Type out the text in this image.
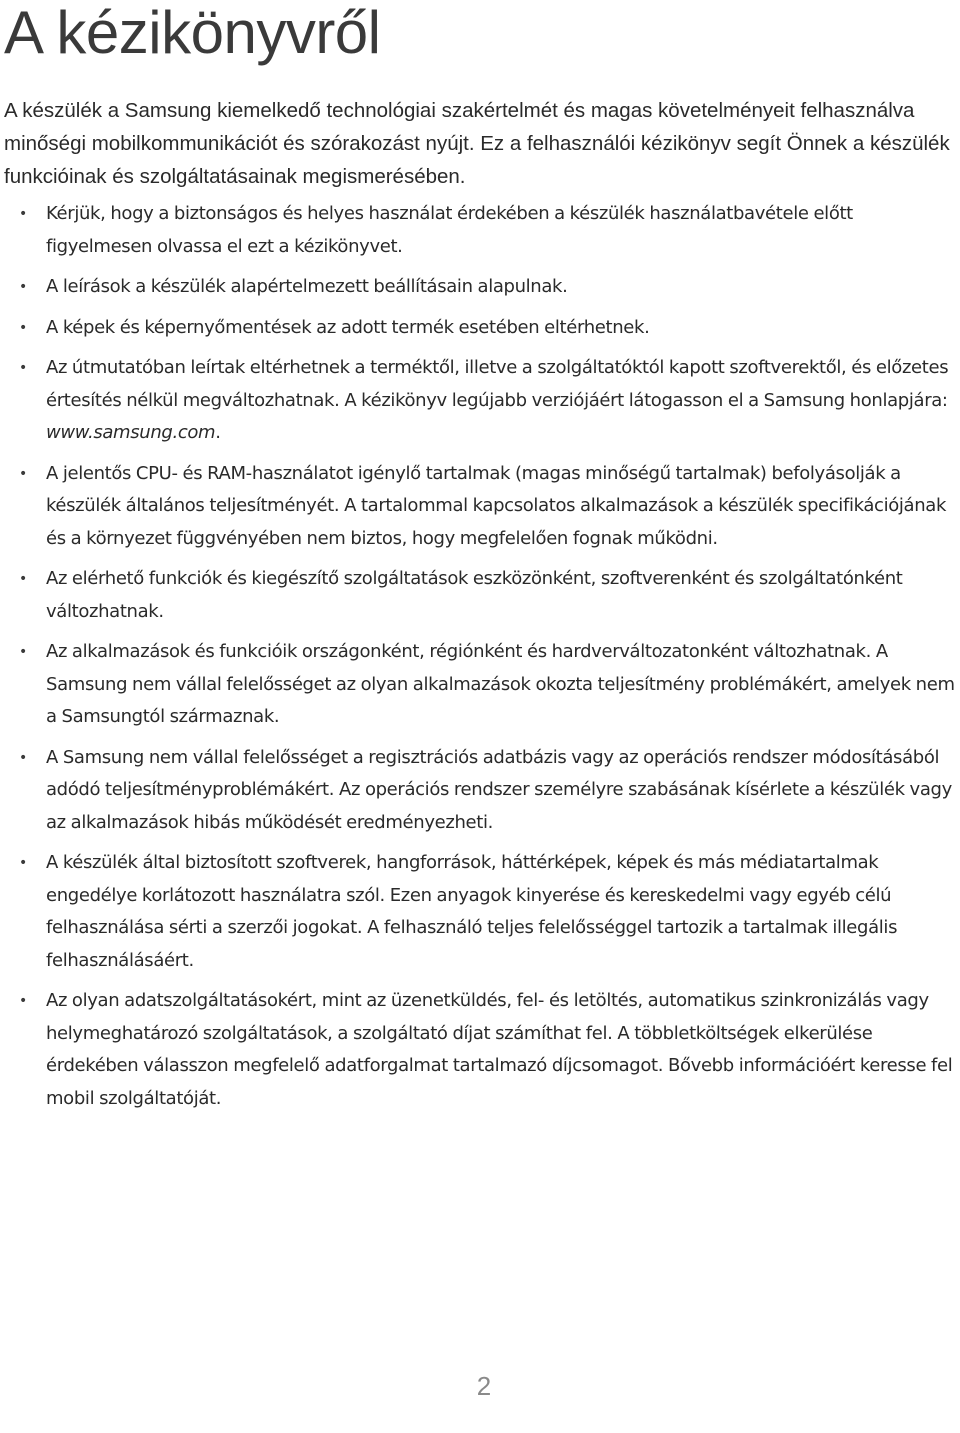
A kézikönyvről

A készülék a Samsung kiemelkedő technológiai szakértelmét és magas követelményeit felhasználva minőségi mobilkommunikációt és szórakozást nyújt. Ez a felhasználói kézikönyv segít Önnek a készülék funkcióinak és szolgáltatásainak megismerésében.

• Kérjük, hogy a biztonságos és helyes használat érdekében a készülék használatbavétele előtt figyelmesen olvassa el ezt a kézikönyvet.
• A leírások a készülék alapértelmezett beállításain alapulnak.
• A képek és képernyőmentések az adott termék esetében eltérhetnek.
• Az útmutatóban leírtak eltérhetnek a terméktől, illetve a szolgáltatóktól kapott szoftverektől, és előzetes értesítés nélkül megváltozhatnak. A kézikönyv legújabb verziójáért látogasson el a Samsung honlapjára: www.samsung.com.
• A jelentős CPU- és RAM-használatot igénylő tartalmak (magas minőségű tartalmak) befolyásolják a készülék általános teljesítményét. A tartalommal kapcsolatos alkalmazások a készülék specifikációjának és a környezet függvényében nem biztos, hogy megfelelően fognak működni.
• Az elérhető funkciók és kiegészítő szolgáltatások eszközönként, szoftverenként és szolgáltatónként változhatnak.
• Az alkalmazások és funkcióik országonként, régiónként és hardverváltozatonként változhatnak. A Samsung nem vállal felelősséget az olyan alkalmazások okozta teljesítmény problémákért, amelyek nem a Samsungtól származnak.
• A Samsung nem vállal felelősséget a regisztrációs adatbázis vagy az operációs rendszer módosításából adódó teljesítményproblémákért. Az operációs rendszer személyre szabásának kísérlete a készülék vagy az alkalmazások hibás működését eredményezheti.
• A készülék által biztosított szoftverek, hangforrások, háttérképek, képek és más médiatartalmak engedélye korlátozott használatra szól. Ezen anyagok kinyerése és kereskedelmi vagy egyéb célú felhasználása sérti a szerzői jogokat. A felhasználó teljes felelősséggel tartozik a tartalmak illegális felhasználásáért.
• Az olyan adatszolgáltatásokért, mint az üzenetküldés, fel- és letöltés, automatikus szinkronizálás vagy helymeghatározó szolgáltatások, a szolgáltató díjat számíthat fel. A többletköltségek elkerülése érdekében válasszon megfelelő adatforgalmat tartalmazó díjcsomagot. Bővebb információért keresse fel mobil szolgáltatóját.
2
